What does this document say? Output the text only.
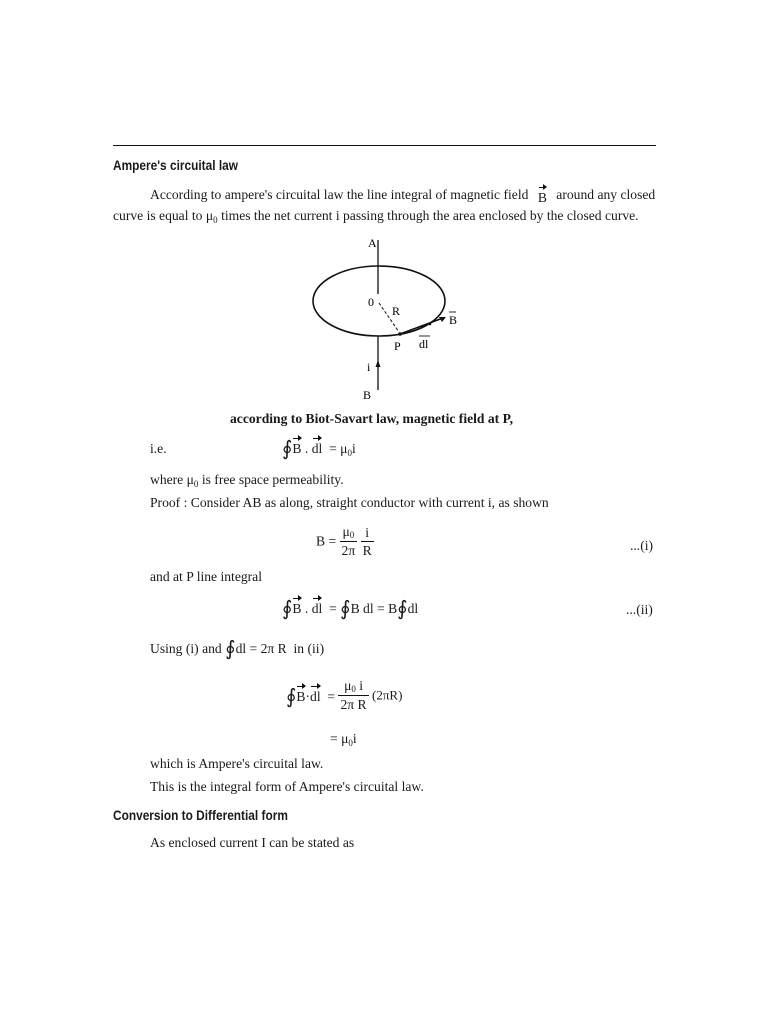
Ampere's circuital law
According to ampere's circuital law the line integral of magnetic field B around any closed
curve is equal to $\mu_0$ times the net current i passing through the area enclosed by the closed curve.
A
0
R
B
P dl
i
B
according to Biot-Savart law, magnetic field at P,
i.e.	∮B . dl = $\mu_0i$
where $\mu_0$ is free space permeability.
Proof : Consider AB as along, straight conductor with current i, as shown
$B = \frac{\mu 0}{2\pi}$
$\frac{i}{R}$	...(i)
and at P line integral
∮B . dl = ∮B dl = B∮dl	...(ii)
Using (i) and ∮dl = 2π R in (ii)
∮B·dl = $\frac{\mu 0 i}{\text{2π R}} (2\pi R)$
= $\mu_0i$
which is Ampere's circuital law.
This is the integral form of Ampere's circuital law.
Conversion to Differential form
As enclosed current I can be stated as
